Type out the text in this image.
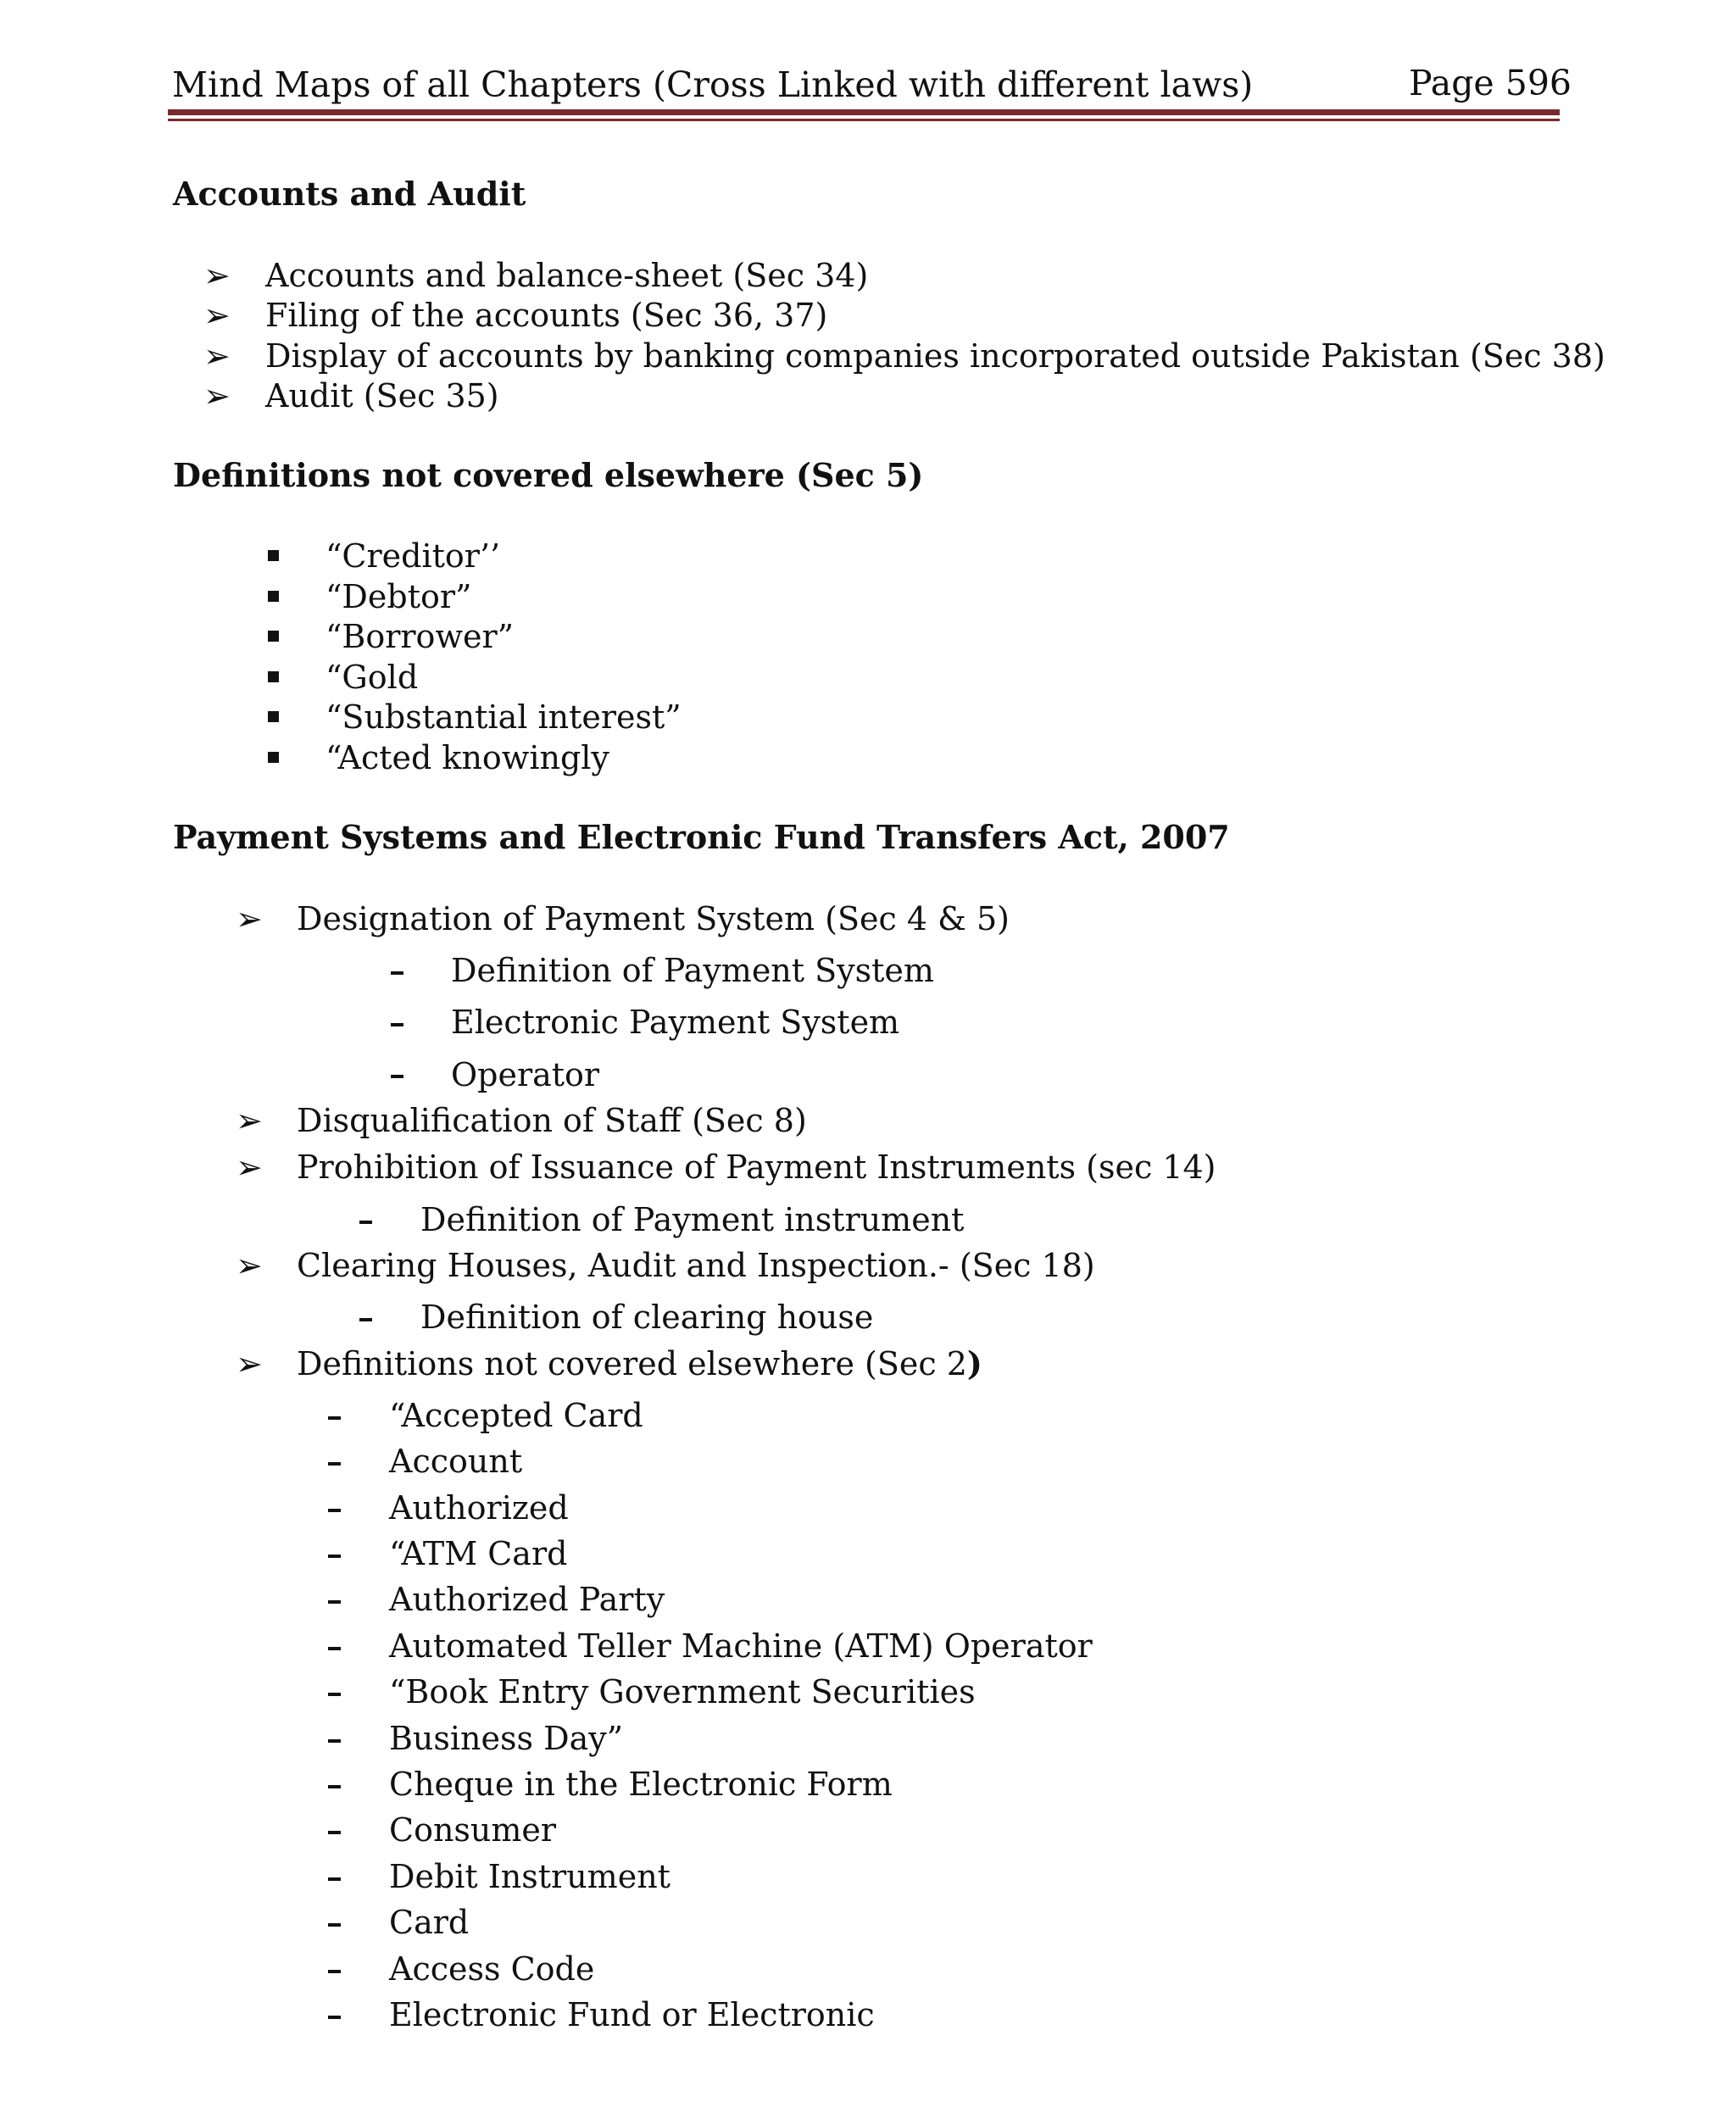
Mind Maps of all Chapters (Cross Linked with different laws)	Page 596
Accounts and Audit
➢ Accounts and balance-sheet (Sec 34)
➢ Filing of the accounts (Sec 36, 37)
➢ Display of accounts by banking companies incorporated outside Pakistan (Sec 38)
➢ Audit (Sec 35)
Definitions not covered elsewhere (Sec 5)
“Creditor’’
“Debtor”
“Borrower”
“Gold
“Substantial interest”
“Acted knowingly
Payment Systems and Electronic Fund Transfers Act, 2007
➢ Designation of Payment System (Sec 4 & 5)
Definition of Payment System
Electronic Payment System
Operator
➢ Disqualification of Staff (Sec 8)
➢ Prohibition of Issuance of Payment Instruments (sec 14)
Definition of Payment instrument
➢ Clearing Houses, Audit and Inspection.- (Sec 18)
Definition of clearing house
➢ Definitions not covered elsewhere (Sec 2)
“Accepted Card
Account
Authorized
“ATM Card
Authorized Party
Automated Teller Machine (ATM) Operator
“Book Entry Government Securities
Business Day”
Cheque in the Electronic Form
Consumer
Debit Instrument
Card
Access Code
Electronic Fund or Electronic
